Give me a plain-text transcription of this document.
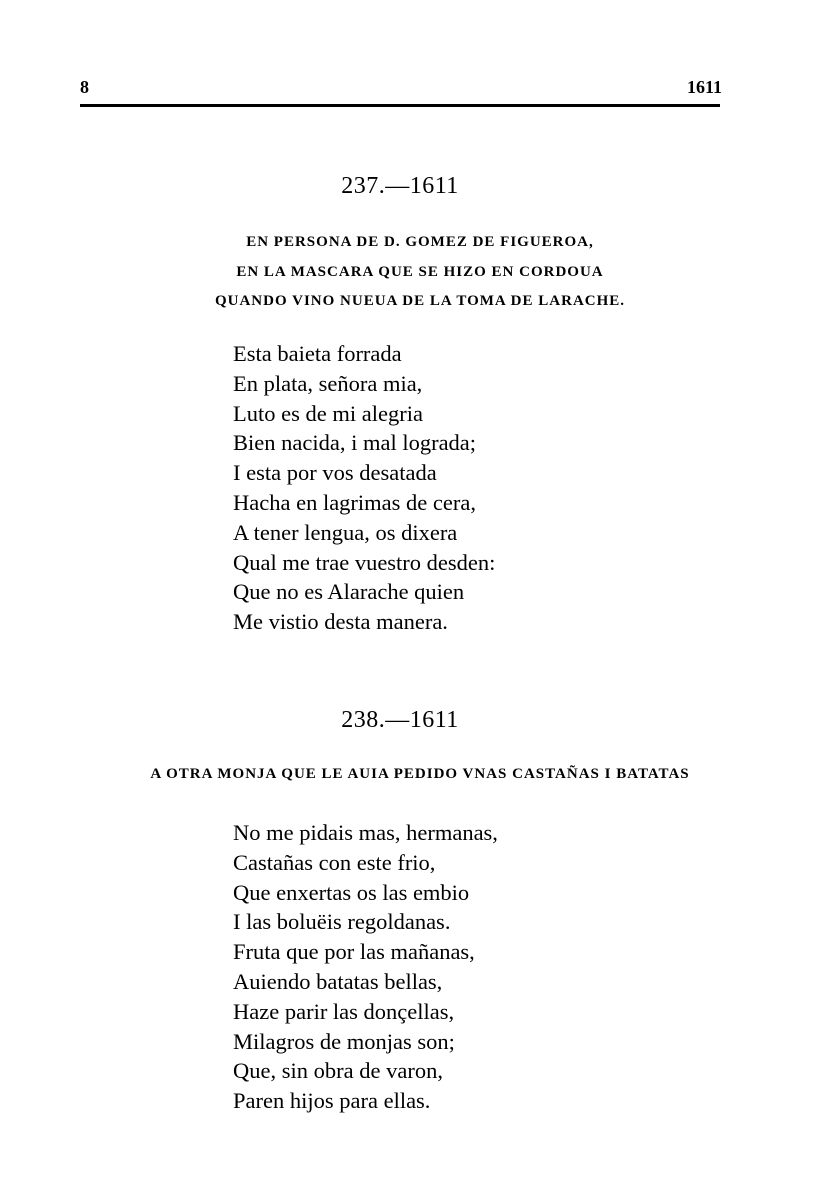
8	1611
237.—1611
EN PERSONA DE D. GOMEZ DE FIGUEROA,
EN LA MASCARA QUE SE HIZO EN CORDOUA
QUANDO VINO NUEUA DE LA TOMA DE LARACHE.
Esta baieta forrada
En plata, señora mia,
Luto es de mi alegria
Bien nacida, i mal lograda;
I esta por vos desatada
Hacha en lagrimas de cera,
A tener lengua, os dixera
Qual me trae vuestro desden:
Que no es Alarache quien
Me vistio desta manera.
238.—1611
A OTRA MONJA QUE LE AUIA PEDIDO VNAS CASTAÑAS I BATATAS
No me pidais mas, hermanas,
Castañas con este frio,
Que enxertas os las embio
I las boluëis regoldanas.
Fruta que por las mañanas,
Auiendo batatas bellas,
Haze parir las donçellas,
Milagros de monjas son;
Que, sin obra de varon,
Paren hijos para ellas.
